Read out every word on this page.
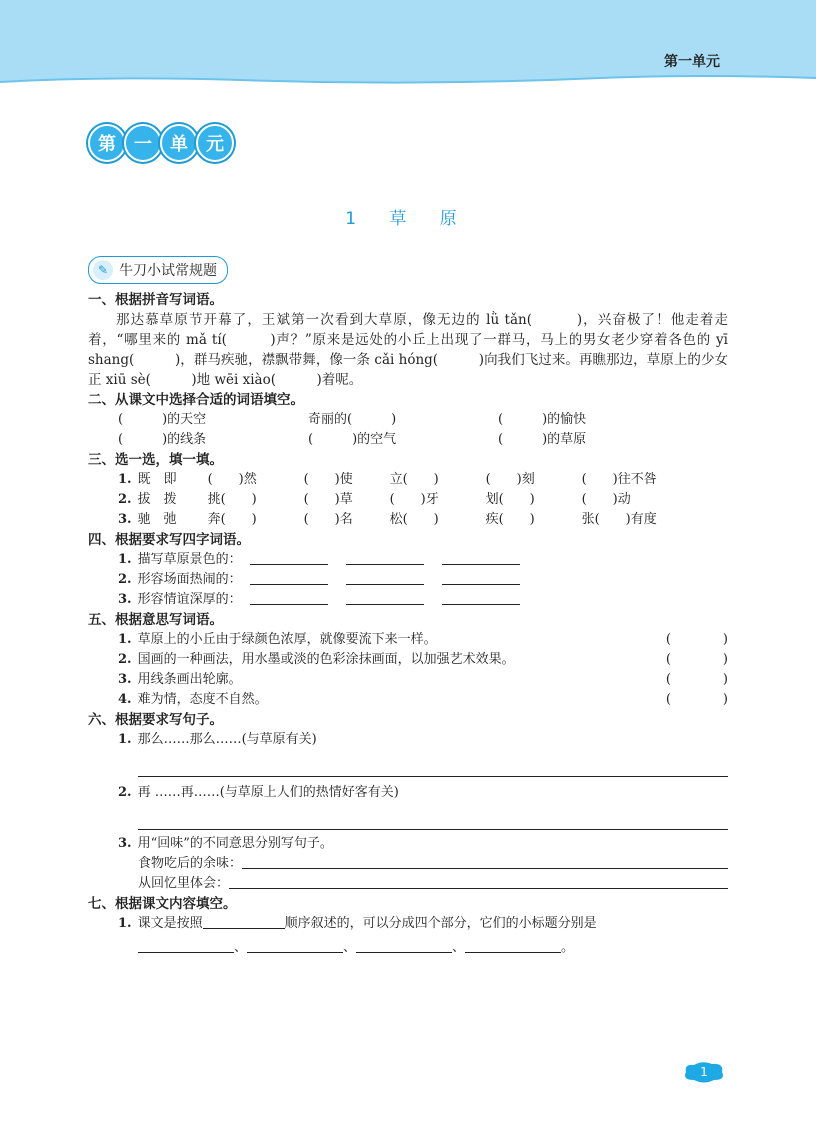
第一单元
第	一	单	元
1 草 原
✎ 牛刀小试常规题

一、根据拼音写词语。

那达慕草原节开幕了，王斌第一次看到大草原，像无边的 lǜ tǎn(　　　)，兴奋极了！他走着走着，“哪里来的 mǎ tí(　　　)声？”原来是远处的小丘上出现了一群马，马上的男女老少穿着各色的 yī shang(　　　)，群马疾驰，襟飘带舞，像一条 cǎi hóng(　　　)向我们飞过来。再瞧那边，草原上的少女正 xiū sè(　　　)地 wēi xiào(　　　)着呢。

二、从课文中选择合适的词语填空。

(　　　)的天空	奇丽的(　　　)	(　　　)的愉快
(　　　)的线条	(　　　)的空气	(　　　)的草原

三、选一选，填一填。

1. 既　即	(　　)然	(　　)使	立(　　)	(　　)刻	(　　)往不咎
2. 拔　拨	挑(　　)	(　　)草	(　　)牙	划(　　)	(　　)动
3. 驰　弛	奔(　　)	(　　)名	松(　　)	疾(　　)	张(　　)有度

四、根据要求写四字词语。

1. 描写草原景色的：
2. 形容场面热闹的：
3. 形容情谊深厚的：

五、根据意思写词语。

1. 草原上的小丘由于绿颜色浓厚，就像要流下来一样。	(　　　　)
2. 国画的一种画法，用水墨或淡的色彩涂抹画面，以加强艺术效果。	(　　　　)
3. 用线条画出轮廓。	(　　　　)
4. 难为情，态度不自然。	(　　　　)

六、根据要求写句子。

1. 那么……那么……(与草原有关)
2. 再 ……再……(与草原上人们的热情好客有关)
3. 用“回味”的不同意思分别写句子。
食物吃后的余味：
从回忆里体会：

七、根据课文内容填空。

1. 课文是按照	顺序叙述的，可以分成四个部分，它们的小标题分别是
、	、	、	。
1
